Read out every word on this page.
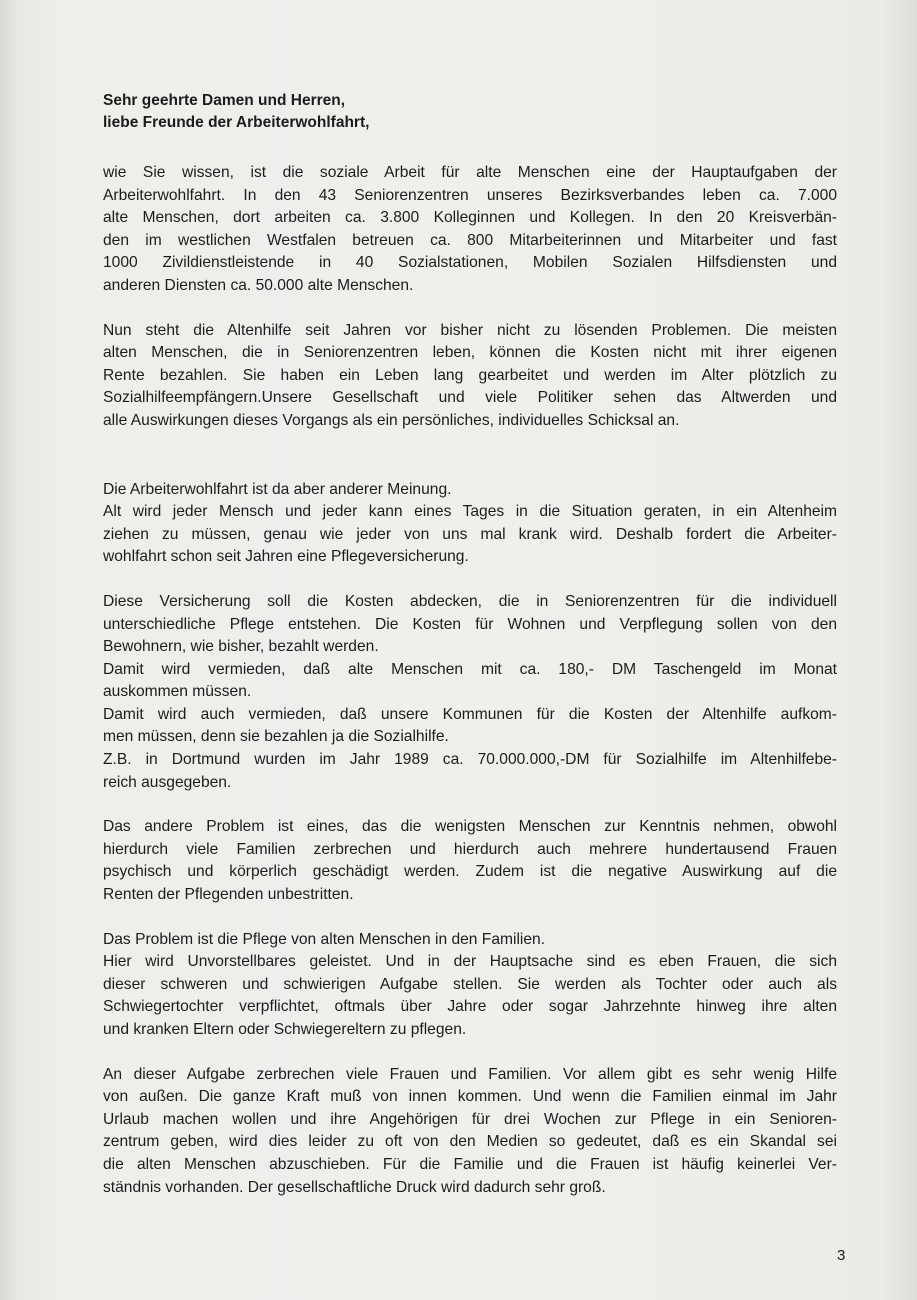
Sehr geehrte Damen und Herren,
liebe Freunde der Arbeiterwohlfahrt,
wie Sie wissen, ist die soziale Arbeit für alte Menschen eine der Hauptaufgaben der
Arbeiterwohlfahrt. In den 43 Seniorenzentren unseres Bezirksverbandes leben ca. 7.000
alte Menschen, dort arbeiten ca. 3.800 Kolleginnen und Kollegen. In den 20 Kreisverbän-
den im westlichen Westfalen betreuen ca. 800 Mitarbeiterinnen und Mitarbeiter und fast
1000 Zivildienstleistende in 40 Sozialstationen, Mobilen Sozialen Hilfsdiensten und
anderen Diensten ca. 50.000 alte Menschen.
Nun steht die Altenhilfe seit Jahren vor bisher nicht zu lösenden Problemen. Die meisten
alten Menschen, die in Seniorenzentren leben, können die Kosten nicht mit ihrer eigenen
Rente bezahlen. Sie haben ein Leben lang gearbeitet und werden im Alter plötzlich zu
Sozialhilfeempfängern.Unsere Gesellschaft und viele Politiker sehen das Altwerden und
alle Auswirkungen dieses Vorgangs als ein persönliches, individuelles Schicksal an.
Die Arbeiterwohlfahrt ist da aber anderer Meinung.
Alt wird jeder Mensch und jeder kann eines Tages in die Situation geraten, in ein Altenheim
ziehen zu müssen, genau wie jeder von uns mal krank wird. Deshalb fordert die Arbeiter-
wohlfahrt schon seit Jahren eine Pflegeversicherung.
Diese Versicherung soll die Kosten abdecken, die in Seniorenzentren für die individuell
unterschiedliche Pflege entstehen. Die Kosten für Wohnen und Verpflegung sollen von den
Bewohnern, wie bisher, bezahlt werden.
Damit wird vermieden, daß alte Menschen mit ca. 180,- DM Taschengeld im Monat
auskommen müssen.
Damit wird auch vermieden, daß unsere Kommunen für die Kosten der Altenhilfe aufkom-
men müssen, denn sie bezahlen ja die Sozialhilfe.
Z.B. in Dortmund wurden im Jahr 1989 ca. 70.000.000,-DM für Sozialhilfe im Altenhilfebe-
reich ausgegeben.
Das andere Problem ist eines, das die wenigsten Menschen zur Kenntnis nehmen, obwohl
hierdurch viele Familien zerbrechen und hierdurch auch mehrere hundertausend Frauen
psychisch und körperlich geschädigt werden. Zudem ist die negative Auswirkung auf die
Renten der Pflegenden unbestritten.
Das Problem ist die Pflege von alten Menschen in den Familien.
Hier wird Unvorstellbares geleistet. Und in der Hauptsache sind es eben Frauen, die sich
dieser schweren und schwierigen Aufgabe stellen. Sie werden als Tochter oder auch als
Schwiegertochter verpflichtet, oftmals über Jahre oder sogar Jahrzehnte hinweg ihre alten
und kranken Eltern oder Schwiegereltern zu pflegen.
An dieser Aufgabe zerbrechen viele Frauen und Familien. Vor allem gibt es sehr wenig Hilfe
von außen. Die ganze Kraft muß von innen kommen. Und wenn die Familien einmal im Jahr
Urlaub machen wollen und ihre Angehörigen für drei Wochen zur Pflege in ein Senioren-
zentrum geben, wird dies leider zu oft von den Medien so gedeutet, daß es ein Skandal sei
die alten Menschen abzuschieben. Für die Familie und die Frauen ist häufig keinerlei Ver-
ständnis vorhanden. Der gesellschaftliche Druck wird dadurch sehr groß.
3
